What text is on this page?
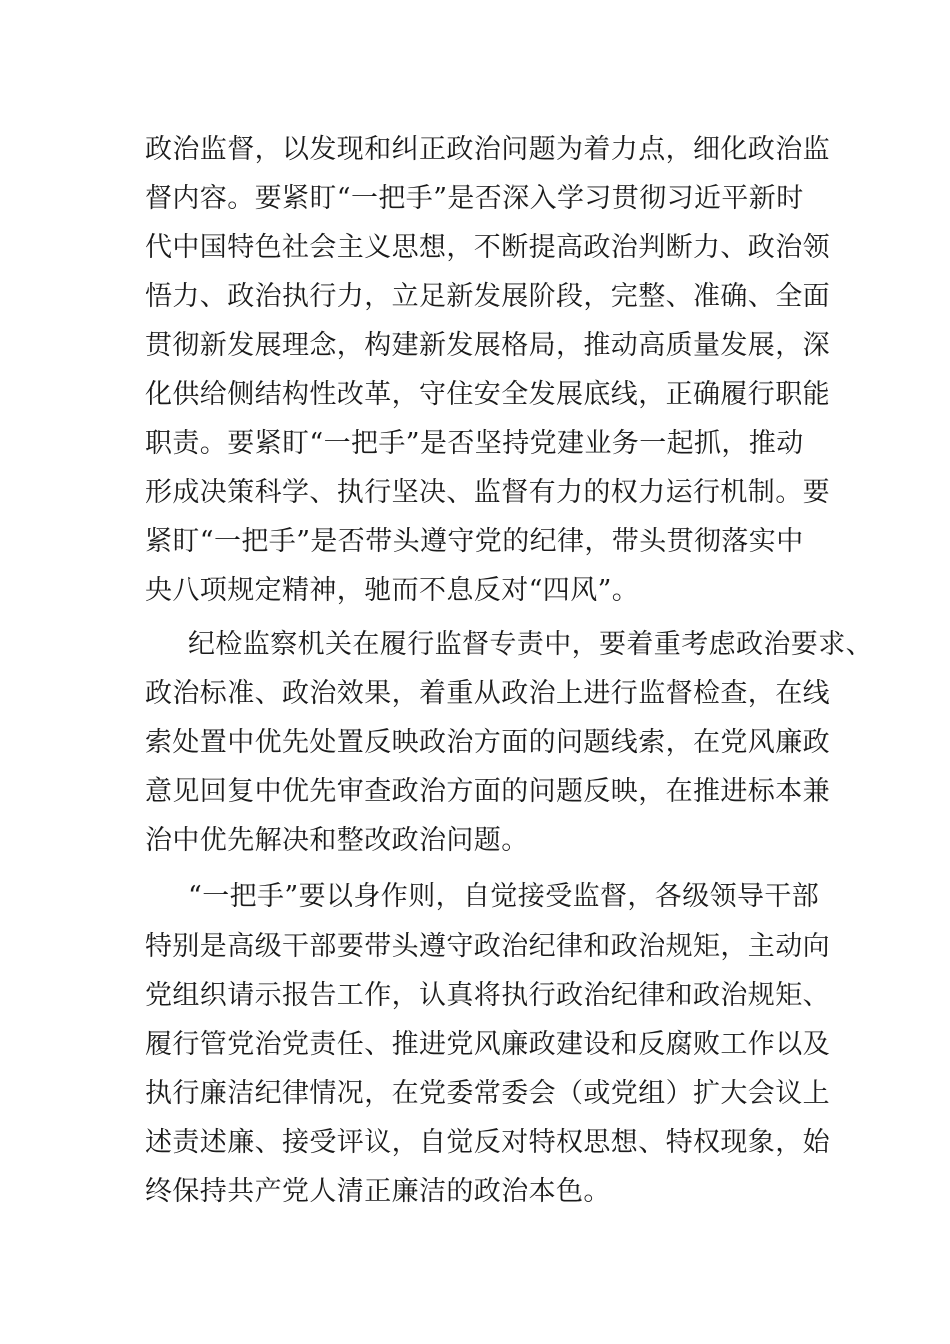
政治监督，以发现和纠正政治问题为着力点，细化政治监
督内容。要紧盯“一把手”是否深入学习贯彻习近平新时
代中国特色社会主义思想，不断提高政治判断力、政治领
悟力、政治执行力，立足新发展阶段，完整、准确、全面
贯彻新发展理念，构建新发展格局，推动高质量发展，深
化供给侧结构性改革，守住安全发展底线，正确履行职能
职责。要紧盯“一把手”是否坚持党建业务一起抓，推动
形成决策科学、执行坚决、监督有力的权力运行机制。要
紧盯“一把手”是否带头遵守党的纪律，带头贯彻落实中
央八项规定精神，驰而不息反对“四风”。
纪检监察机关在履行监督专责中，要着重考虑政治要求、
政治标准、政治效果，着重从政治上进行监督检查，在线
索处置中优先处置反映政治方面的问题线索，在党风廉政
意见回复中优先审查政治方面的问题反映，在推进标本兼
治中优先解决和整改政治问题。
“一把手”要以身作则，自觉接受监督，各级领导干部
特别是高级干部要带头遵守政治纪律和政治规矩，主动向
党组织请示报告工作，认真将执行政治纪律和政治规矩、
履行管党治党责任、推进党风廉政建设和反腐败工作以及
执行廉洁纪律情况，在党委常委会（或党组）扩大会议上
述责述廉、接受评议，自觉反对特权思想、特权现象，始
终保持共产党人清正廉洁的政治本色。
